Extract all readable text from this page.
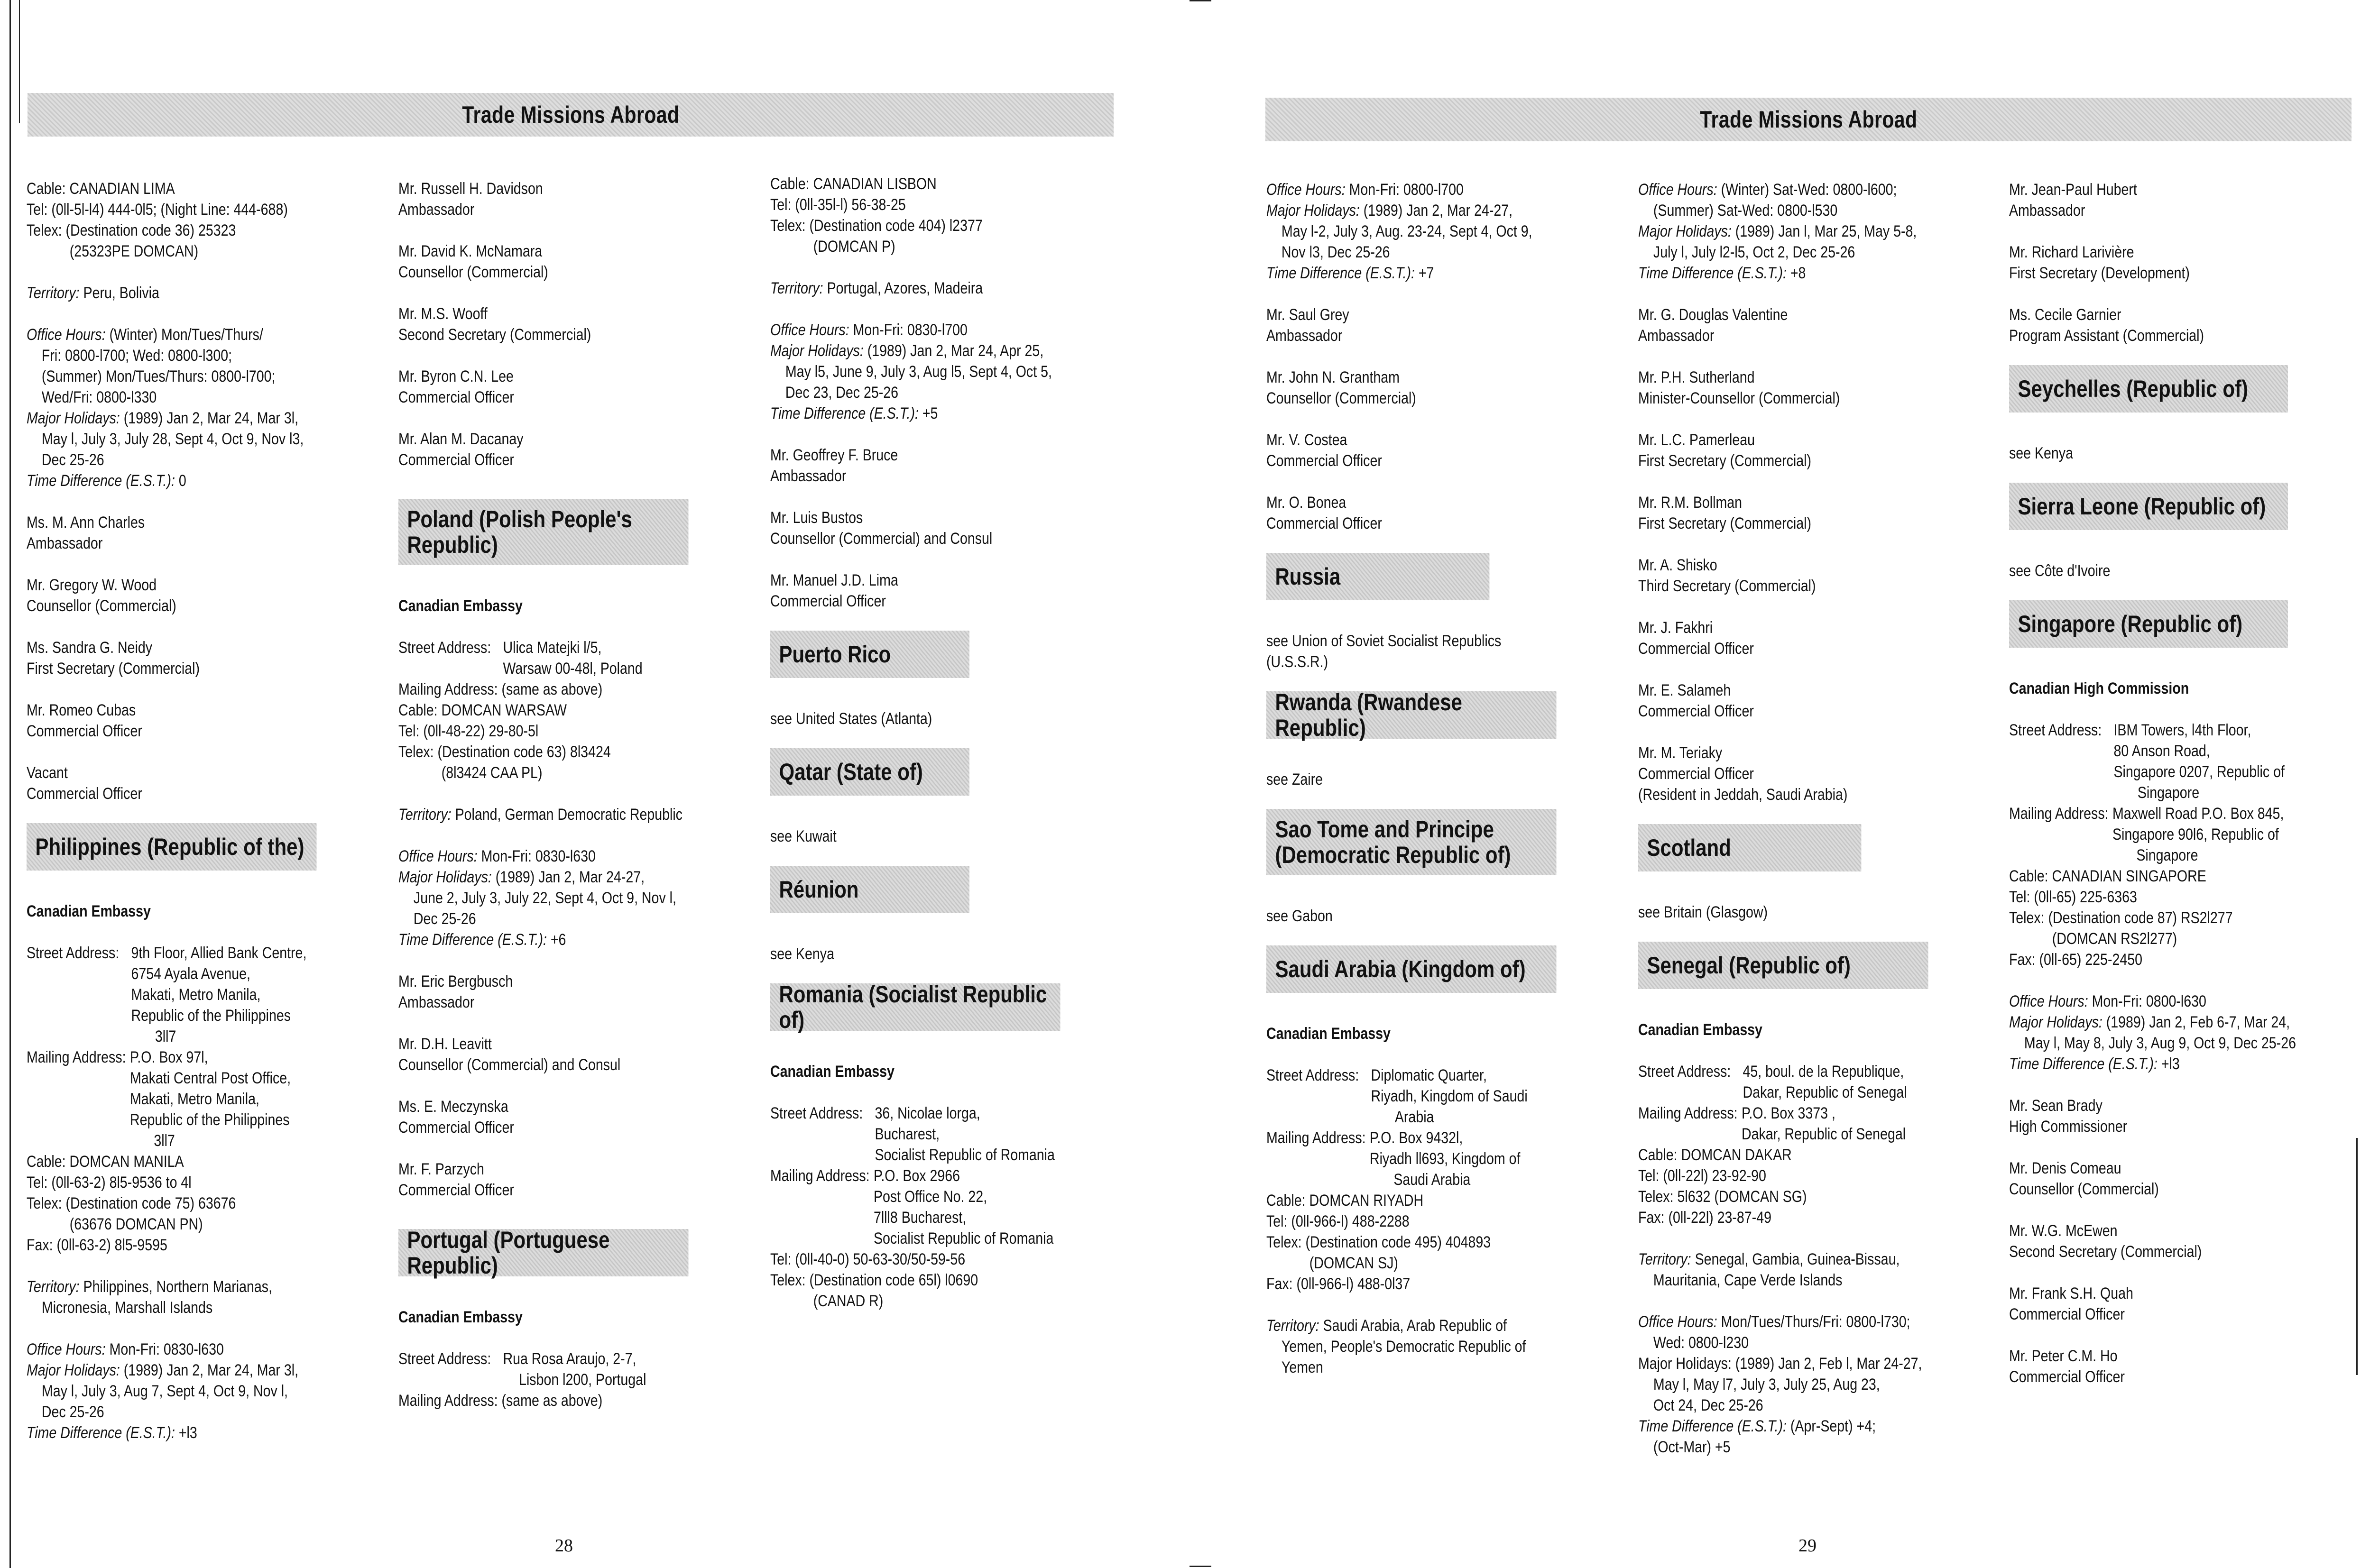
Trade Missions Abroad
Cable: CANADIAN LIMA
Tel: (0ll-5l-l4) 444-0l5; (Night Line: 444-688)
Telex: (Destination code 36) 25323
(25323PE DOMCAN)
Territory: Peru, Bolivia
Office Hours: (Winter) Mon/Tues/Thurs/
Fri: 0800-l700; Wed: 0800-l300;
(Summer) Mon/Tues/Thurs: 0800-l700;
Wed/Fri: 0800-l330
Major Holidays: (1989) Jan 2, Mar 24, Mar 3l,
May l, July 3, July 28, Sept 4, Oct 9, Nov l3,
Dec 25-26
Time Difference (E.S.T.): 0
Ms. M. Ann Charles
Ambassador
Mr. Gregory W. Wood
Counsellor (Commercial)
Ms. Sandra G. Neidy
First Secretary (Commercial)
Mr. Romeo Cubas
Commercial Officer
Vacant
Commercial Officer
Philippines (Republic of the)
Canadian Embassy
Street Address: 9th Floor, Allied Bank Centre,
6754 Ayala Avenue,
Makati, Metro Manila,
Republic of the Philippines
3ll7
Mailing Address: P.O. Box 97l,
Makati Central Post Office,
Makati, Metro Manila,
Republic of the Philippines
3ll7
Cable: DOMCAN MANILA
Tel: (0ll-63-2) 8l5-9536 to 4l
Telex: (Destination code 75) 63676
(63676 DOMCAN PN)
Fax: (0ll-63-2) 8l5-9595
Territory: Philippines, Northern Marianas,
Micronesia, Marshall Islands
Office Hours: Mon-Fri: 0830-l630
Major Holidays: (1989) Jan 2, Mar 24, Mar 3l,
May l, July 3, Aug 7, Sept 4, Oct 9, Nov l,
Dec 25-26
Time Difference (E.S.T.): +l3
Mr. Russell H. Davidson
Ambassador
Mr. David K. McNamara
Counsellor (Commercial)
Mr. M.S. Wooff
Second Secretary (Commercial)
Mr. Byron C.N. Lee
Commercial Officer
Mr. Alan M. Dacanay
Commercial Officer
Poland (Polish People's
Republic)
Canadian Embassy
Street Address: Ulica Matejki l/5,
Warsaw 00-48l, Poland
Mailing Address: (same as above)
Cable: DOMCAN WARSAW
Tel: (0ll-48-22) 29-80-5l
Telex: (Destination code 63) 8l3424
(8l3424 CAA PL)
Territory: Poland, German Democratic Republic
Office Hours: Mon-Fri: 0830-l630
Major Holidays: (1989) Jan 2, Mar 24-27,
June 2, July 3, July 22, Sept 4, Oct 9, Nov l,
Dec 25-26
Time Difference (E.S.T.): +6
Mr. Eric Bergbusch
Ambassador
Mr. D.H. Leavitt
Counsellor (Commercial) and Consul
Ms. E. Meczynska
Commercial Officer
Mr. F. Parzych
Commercial Officer
Portugal (Portuguese Republic)
Canadian Embassy
Street Address: Rua Rosa Araujo, 2-7,
Lisbon l200, Portugal
Mailing Address: (same as above)
Cable: CANADIAN LISBON
Tel: (0ll-35l-l) 56-38-25
Telex: (Destination code 404) l2377
(DOMCAN P)
Territory: Portugal, Azores, Madeira
Office Hours: Mon-Fri: 0830-l700
Major Holidays: (1989) Jan 2, Mar 24, Apr 25,
May l5, June 9, July 3, Aug l5, Sept 4, Oct 5,
Dec 23, Dec 25-26
Time Difference (E.S.T.): +5
Mr. Geoffrey F. Bruce
Ambassador
Mr. Luis Bustos
Counsellor (Commercial) and Consul
Mr. Manuel J.D. Lima
Commercial Officer
Puerto Rico
see United States (Atlanta)
Qatar (State of)
see Kuwait
Réunion
see Kenya
Romania (Socialist Republic of)
Canadian Embassy
Street Address: 36, Nicolae lorga,
Bucharest,
Socialist Republic of Romania
Mailing Address: P.O. Box 2966
Post Office No. 22,
7lll8 Bucharest,
Socialist Republic of Romania
Tel: (0ll-40-0) 50-63-30/50-59-56
Telex: (Destination code 65l) l0690
(CANAD R)
28
Trade Missions Abroad
Office Hours: Mon-Fri: 0800-l700
Major Holidays: (1989) Jan 2, Mar 24-27,
May l-2, July 3, Aug. 23-24, Sept 4, Oct 9,
Nov l3, Dec 25-26
Time Difference (E.S.T.): +7
Mr. Saul Grey
Ambassador
Mr. John N. Grantham
Counsellor (Commercial)
Mr. V. Costea
Commercial Officer
Mr. O. Bonea
Commercial Officer
Russia
see Union of Soviet Socialist Republics
(U.S.S.R.)
Rwanda (Rwandese Republic)
see Zaire
Sao Tome and Principe
(Democratic Republic of)
see Gabon
Saudi Arabia (Kingdom of)
Canadian Embassy
Street Address: Diplomatic Quarter,
Riyadh, Kingdom of Saudi
Arabia
Mailing Address: P.O. Box 9432l,
Riyadh ll693, Kingdom of
Saudi Arabia
Cable: DOMCAN RIYADH
Tel: (0ll-966-l) 488-2288
Telex: (Destination code 495) 404893
(DOMCAN SJ)
Fax: (0ll-966-l) 488-0l37
Territory: Saudi Arabia, Arab Republic of
Yemen, People's Democratic Republic of
Yemen
Office Hours: (Winter) Sat-Wed: 0800-l600;
(Summer) Sat-Wed: 0800-l530
Major Holidays: (1989) Jan l, Mar 25, May 5-8,
July l, July l2-l5, Oct 2, Dec 25-26
Time Difference (E.S.T.): +8
Mr. G. Douglas Valentine
Ambassador
Mr. P.H. Sutherland
Minister-Counsellor (Commercial)
Mr. L.C. Pamerleau
First Secretary (Commercial)
Mr. R.M. Bollman
First Secretary (Commercial)
Mr. A. Shisko
Third Secretary (Commercial)
Mr. J. Fakhri
Commercial Officer
Mr. E. Salameh
Commercial Officer
Mr. M. Teriaky
Commercial Officer
(Resident in Jeddah, Saudi Arabia)
Scotland
see Britain (Glasgow)
Senegal (Republic of)
Canadian Embassy
Street Address: 45, boul. de la Republique,
Dakar, Republic of Senegal
Mailing Address: P.O. Box 3373 ,
Dakar, Republic of Senegal
Cable: DOMCAN DAKAR
Tel: (0ll-22l) 23-92-90
Telex: 5l632 (DOMCAN SG)
Fax: (0ll-22l) 23-87-49
Territory: Senegal, Gambia, Guinea-Bissau,
Mauritania, Cape Verde Islands
Office Hours: Mon/Tues/Thurs/Fri: 0800-l730;
Wed: 0800-l230
Major Holidays: (1989) Jan 2, Feb l, Mar 24-27,
May l, May l7, July 3, July 25, Aug 23,
Oct 24, Dec 25-26
Time Difference (E.S.T.): (Apr-Sept) +4;
(Oct-Mar) +5
Mr. Jean-Paul Hubert
Ambassador
Mr. Richard Larivière
First Secretary (Development)
Ms. Cecile Garnier
Program Assistant (Commercial)
Seychelles (Republic of)
see Kenya
Sierra Leone (Republic of)
see Côte d'Ivoire
Singapore (Republic of)
Canadian High Commission
Street Address: IBM Towers, l4th Floor,
80 Anson Road,
Singapore 0207, Republic of
Singapore
Mailing Address: Maxwell Road P.O. Box 845,
Singapore 90l6, Republic of
Singapore
Cable: CANADIAN SINGAPORE
Tel: (0ll-65) 225-6363
Telex: (Destination code 87) RS2l277
(DOMCAN RS2l277)
Fax: (0ll-65) 225-2450
Office Hours: Mon-Fri: 0800-l630
Major Holidays: (1989) Jan 2, Feb 6-7, Mar 24,
May l, May 8, July 3, Aug 9, Oct 9, Dec 25-26
Time Difference (E.S.T.): +l3
Mr. Sean Brady
High Commissioner
Mr. Denis Comeau
Counsellor (Commercial)
Mr. W.G. McEwen
Second Secretary (Commercial)
Mr. Frank S.H. Quah
Commercial Officer
Mr. Peter C.M. Ho
Commercial Officer
29
